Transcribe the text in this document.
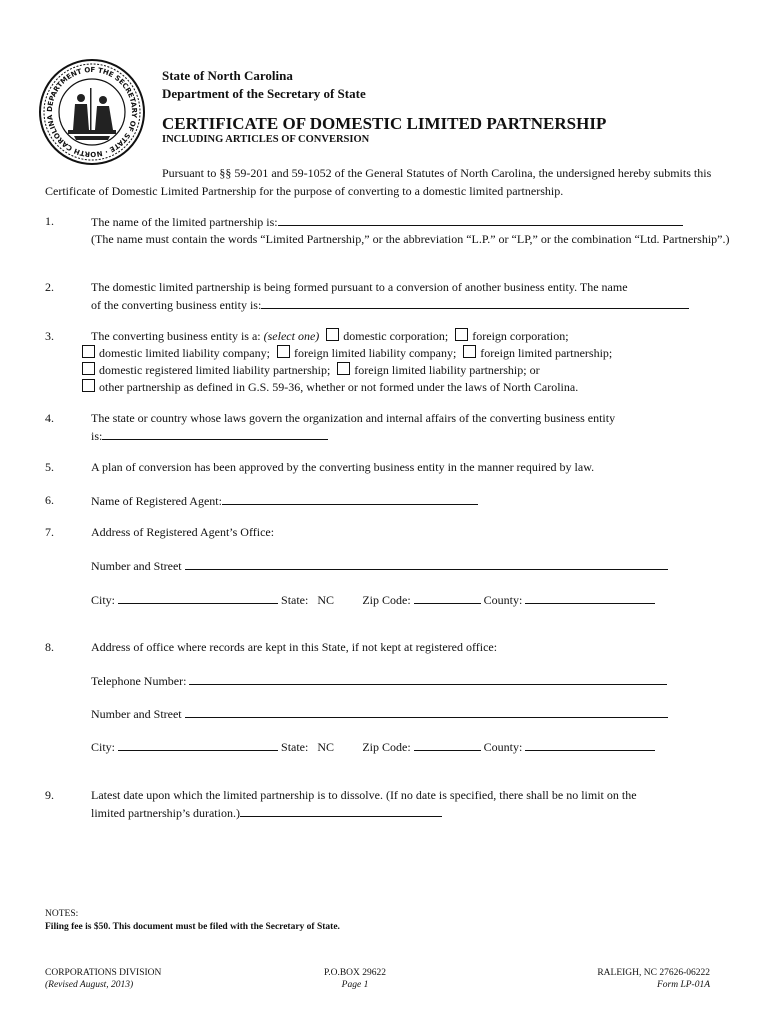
DEPARTMENT OF THE SECRETARY OF STATE · NORTH CAROLINA
State of North Carolina
Department of the Secretary of State
CERTIFICATE OF DOMESTIC LIMITED PARTNERSHIP
INCLUDING ARTICLES OF CONVERSION
Pursuant to §§ 59-201 and 59-1052 of the General Statutes of North Carolina, the undersigned hereby submits this Certificate of Domestic Limited Partnership for the purpose of converting to a domestic limited partnership.
1.	The name of the limited partnership is:
(The name must contain the words “Limited Partnership,” or the abbreviation “L.P.” or “LP,” or the combination “Ltd. Partnership”.)
2.	The domestic limited partnership is being formed pursuant to a conversion of another business entity. The name
of the converting business entity is:
3.	The converting business entity is a: (select one) domestic corporation; foreign corporation;
domestic limited liability company; foreign limited liability company; foreign limited partnership;
domestic registered limited liability partnership; foreign limited liability partnership; or
other partnership as defined in G.S. 59-36, whether or not formed under the laws of North Carolina.
4.	The state or country whose laws govern the organization and internal affairs of the converting business entity
is:
5.	A plan of conversion has been approved by the converting business entity in the manner required by law.
6.	Name of Registered Agent:
7.	Address of Registered Agent’s Office:
Number and Street
City:	State: NC Zip Code:	County:
8.	Address of office where records are kept in this State, if not kept at registered office:
Telephone Number:
Number and Street
City:	State: NC Zip Code:	County:
9.	Latest date upon which the limited partnership is to dissolve. (If no date is specified, there shall be no limit on the
limited partnership’s duration.)
NOTES:
Filing fee is $50. This document must be filed with the Secretary of State.
CORPORATIONS DIVISION
(Revised August, 2013)
P.O.BOX 29622
Page 1
RALEIGH, NC 27626-06222
Form LP-01A
